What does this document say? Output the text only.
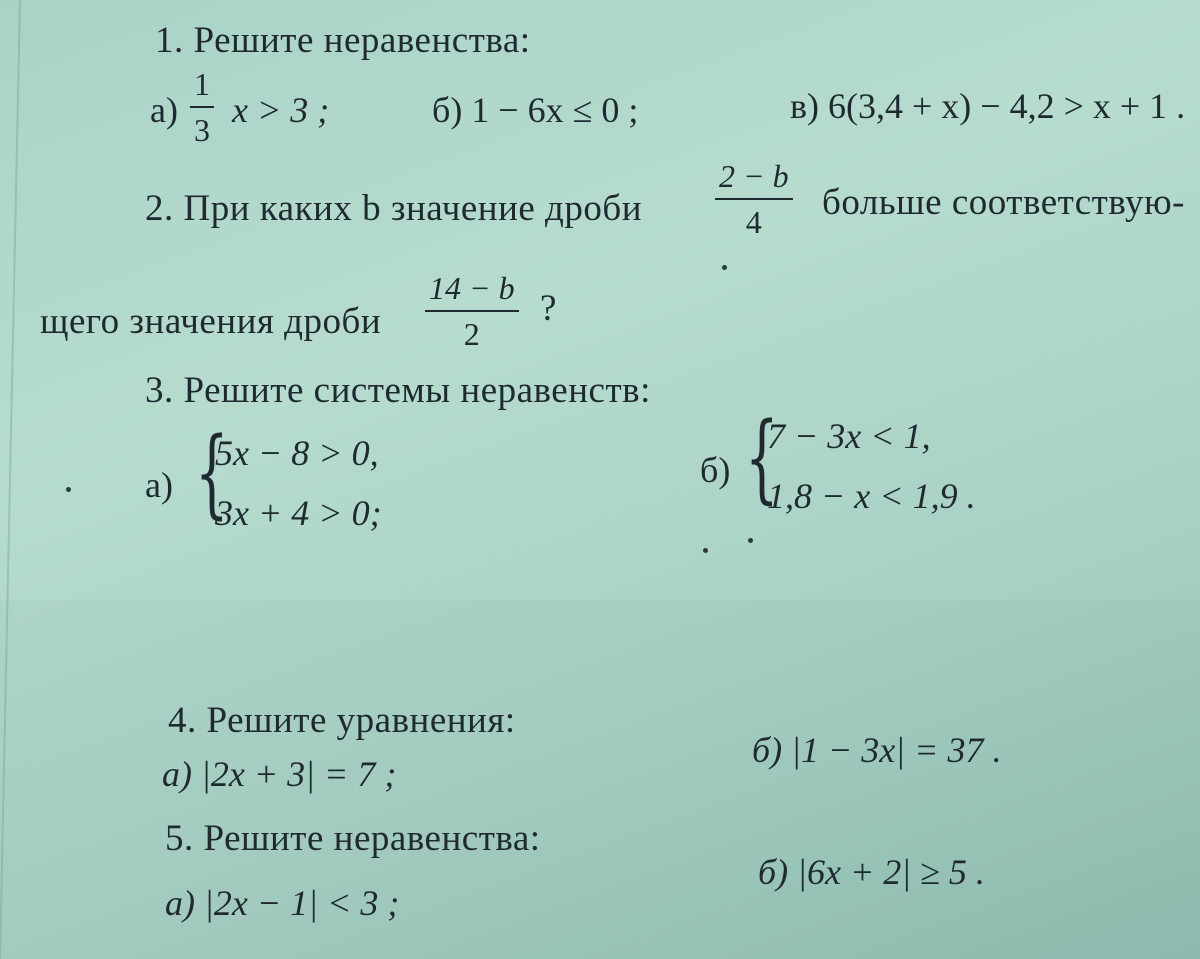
1. Решите неравенства:
а)
1
3 x > 3 ;	б) 1 − 6x ≤ 0 ;	в) 6(3,4 + x) − 4,2 > x + 1 .
2. При каких b значение дроби
2 − b
4 больше соответствую-
щего значения дроби
14 − b
2
?
3. Решите системы неравенств:
а) {
5x − 8 > 0,
3x + 4 > 0;
б) {
7 − 3x < 1,
1,8 − x < 1,9 .
4. Решите уравнения:
а) |2x + 3| = 7 ;
б) |1 − 3x| = 37 .
5. Решите неравенства:
а) |2x − 1| < 3 ;
б) |6x + 2| ≥ 5 .
